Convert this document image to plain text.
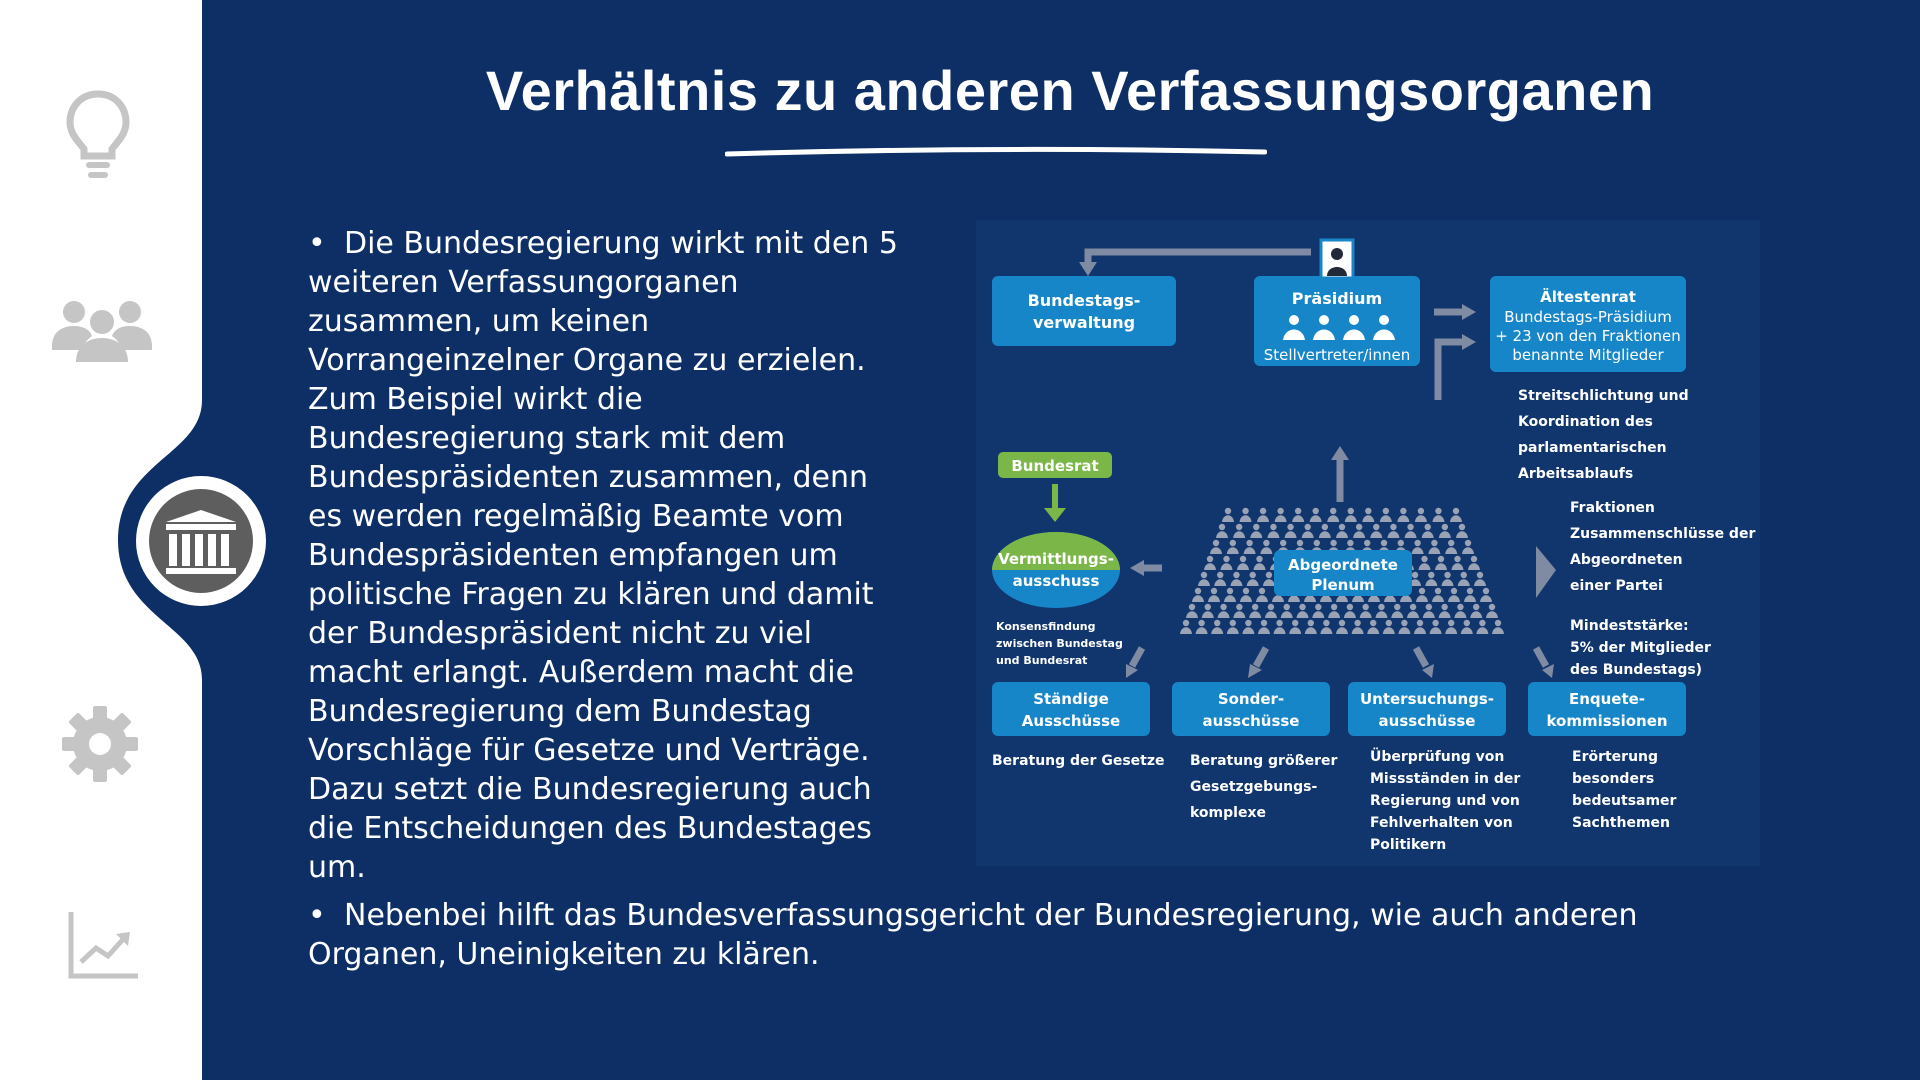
Verhältnis zu anderen Verfassungsorganen

• Die Bundesregierung wirkt mit den 5 weiteren Verfassungorganen zusammen, um keinen Vorrangeinzelner Organe zu erzielen. Zum Beispiel wirkt die Bundesregierung stark mit dem Bundespräsidenten zusammen, denn es werden regelmäßig Beamte vom Bundespräsidenten empfangen um politische Fragen zu klären und damit der Bundespräsident nicht zu viel macht erlangt. Außerdem macht die Bundesregierung dem Bundestag Vorschläge für Gesetze und Verträge. Dazu setzt die Bundesregierung auch die Entscheidungen des Bundestages um.

• Nebenbei hilft das Bundesverfassungsgericht der Bundesregierung, wie auch anderen Organen, Uneinigkeiten zu klären.

Bundestags-
verwaltung
Präsidium
Stellvertreter/innen
Ältestenrat
Bundestags-Präsidium
+ 23 von den Fraktionen
benannte Mitglieder
Streitschlichtung und
Koordination des
parlamentarischen
Arbeitsablaufs
Bundesrat
Vermittlungs-
ausschuss
Konsensfindung
zwischen Bundestag
und Bundesrat
Abgeordnete
Plenum
Fraktionen
Zusammenschlüsse der
Abgeordneten
einer Partei
Mindeststärke:
5% der Mitglieder
des Bundestags)
Ständige
Ausschüsse
Sonder-
ausschüsse
Untersuchungs-
ausschüsse
Enquete-
kommissionen
Beratung der Gesetze Beratung größerer
Gesetzgebungs-
komplexe
Überprüfung von
Missständen in der
Regierung und von
Fehlverhalten von
Politikern
Erörterung
besonders
bedeutsamer
Sachthemen
